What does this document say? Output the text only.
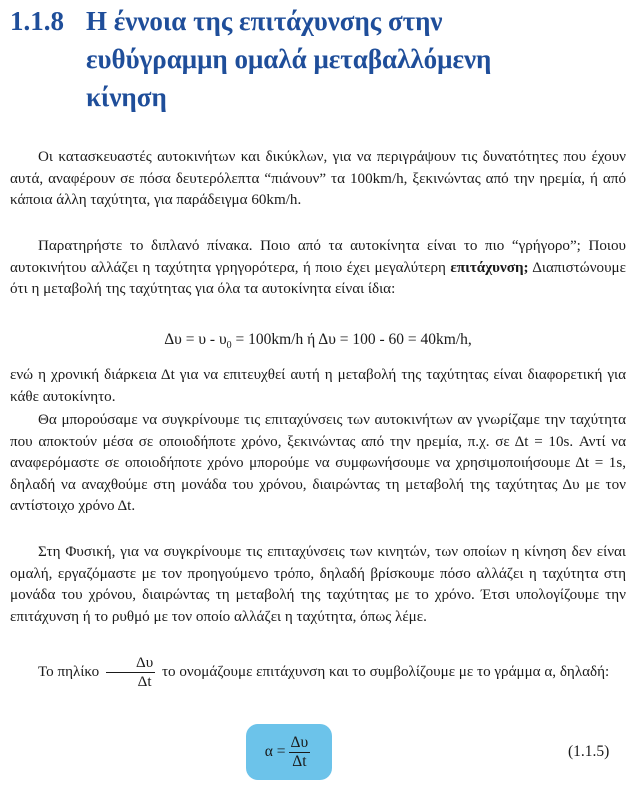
1.1.8 Η έννοια της επιτάχυνσης στην
ευθύγραμμη ομαλά μεταβαλλόμενη
κίνηση

Οι κατασκευαστές αυτοκινήτων και δικύκλων, για να περιγράψουν τις δυνατότητες που έχουν αυτά, αναφέρουν σε πόσα δευτερόλεπτα “πιάνουν” τα 100km/h, ξεκινώντας από την ηρεμία, ή από κάποια άλλη ταχύτητα, για παράδειγμα 60km/h.

Παρατηρήστε το διπλανό πίνακα. Ποιο από τα αυτοκίνητα είναι το πιο “γρήγορο”; Ποιου αυτοκινήτου αλλάζει η ταχύτητα γρηγορότερα, ή ποιο έχει μεγαλύτερη επιτάχυνση; Διαπιστώνουμε ότι η μεταβολή της ταχύτητας για όλα τα αυτοκίνητα είναι ίδια:

$\Delta\upsilon = \upsilon - \upsilon_0 = 100km/h$ ή Δυ = 100 - 60 = 40km/h,

ενώ η χρονική διάρκεια Δt για να επιτευχθεί αυτή η μεταβολή της ταχύτητας είναι διαφορετική για κάθε αυτοκίνητο.

Θα μπορούσαμε να συγκρίνουμε τις επιταχύνσεις των αυτοκινήτων αν γνωρίζαμε την ταχύτητα που αποκτούν μέσα σε οποιοδήποτε χρόνο, ξεκινώντας από την ηρεμία, π.χ. σε Δt = 10s. Αντί να αναφερόμαστε σε οποιοδήποτε χρόνο μπορούμε να συμφωνήσουμε να χρησιμοποιήσουμε Δt = 1s, δηλαδή να αναχθούμε στη μονάδα του χρόνου, διαιρώντας τη μεταβολή της ταχύτητας Δυ με τον αντίστοιχο χρόνο Δt.

Στη Φυσική, για να συγκρίνουμε τις επιταχύνσεις των κινητών, των οποίων η κίνηση δεν είναι ομαλή, εργαζόμαστε με τον προηγούμενο τρόπο, δηλαδή βρίσκουμε πόσο αλλάζει η ταχύτητα στη μονάδα του χρόνου, διαιρώντας τη μεταβολή της ταχύτητας με το χρόνο. Έτσι υπολογίζουμε την επιτάχυνση ή το ρυθμό με τον οποίο αλλάζει η ταχύτητα, όπως λέμε.

Το πηλίκο $\frac{\Delta\upsilon}{\Delta t}$ το ονομάζουμε επιτάχυνση και το συμβολίζουμε με το γράμμα α, δηλαδή:

$\alpha = \frac{\Delta\upsilon}{\Delta t}$	(1.1.5)
